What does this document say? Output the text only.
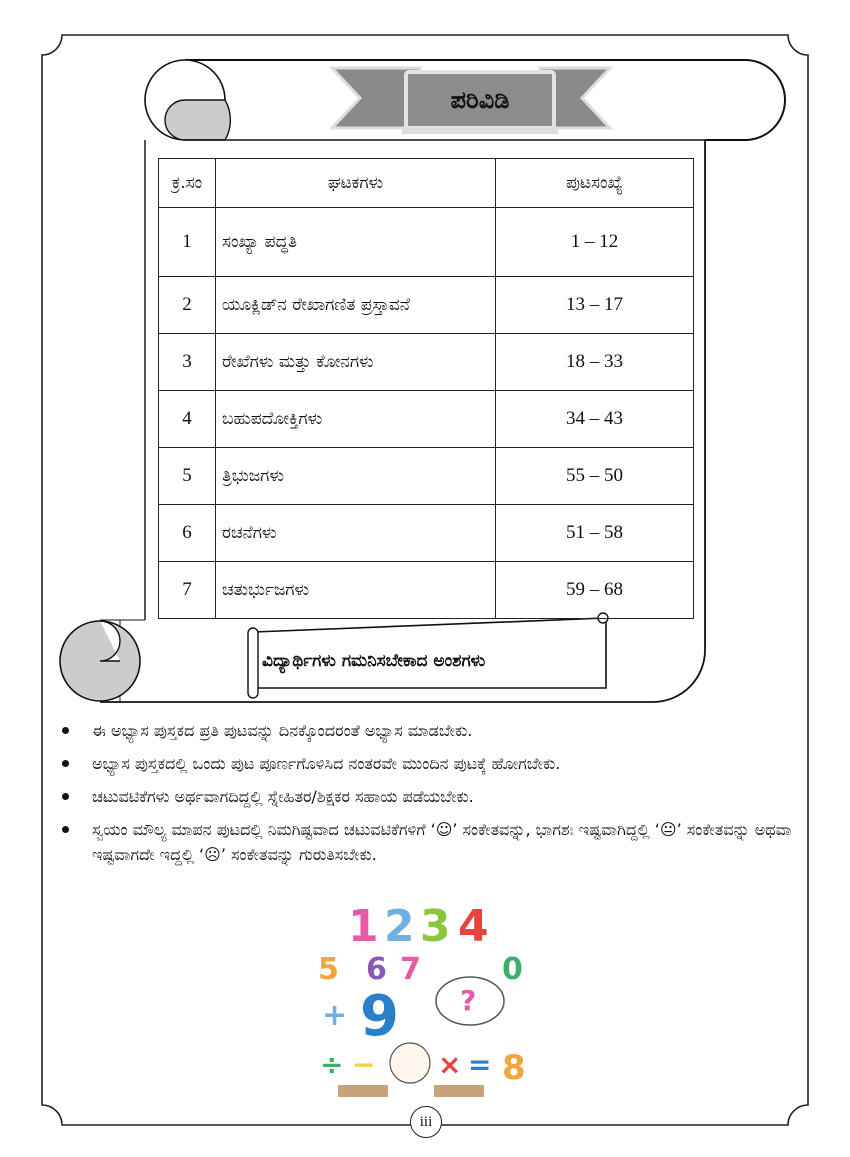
ಪರಿವಿಡಿ
ಕ್ರ.ಸಂ	ಘಟಕಗಳು	ಪುಟಸಂಖ್ಯೆ
1	ಸಂಖ್ಯಾ ಪದ್ಧತಿ	1 – 12
2	ಯೂಕ್ಲಿಡ್‌ನ ರೇಖಾಗಣಿತ ಪ್ರಸ್ತಾವನೆ	13 – 17
3	ರೇಖೆಗಳು ಮತ್ತು ಕೋನಗಳು	18 – 33
4	ಬಹುಪದೋಕ್ತಿಗಳು	34 – 43
5	ತ್ರಿಭುಜಗಳು	55 – 50
6	ರಚನೆಗಳು	51 – 58
7	ಚತುರ್ಭುಜಗಳು	59 – 68
ವಿದ್ಯಾರ್ಥಿಗಳು ಗಮನಿಸಬೇಕಾದ ಅಂಶಗಳು
ಈ ಅಭ್ಯಾಸ ಪುಸ್ತಕದ ಪ್ರತಿ ಪುಟವನ್ನು ದಿನಕ್ಕೊಂದರಂತೆ ಅಭ್ಯಾಸ ಮಾಡಬೇಕು.
ಅಭ್ಯಾಸ ಪುಸ್ತಕದಲ್ಲಿ ಒಂದು ಪುಟ ಪೂರ್ಣಗೊಳಿಸಿದ ನಂತರವೇ ಮುಂದಿನ ಪುಟಕ್ಕೆ ಹೋಗಬೇಕು.
ಚಟುವಟಿಕೆಗಳು ಅರ್ಥವಾಗದಿದ್ದಲ್ಲಿ ಸ್ನೇಹಿತರ/ಶಿಕ್ಷಕರ ಸಹಾಯ ಪಡೆಯಬೇಕು.
ಸ್ವಯಂ ಮೌಲ್ಯ ಮಾಪನ ಪುಟದಲ್ಲಿ ನಿಮಗಿಷ್ಟವಾದ ಚಟುವಟಿಕೆಗಳಿಗೆ ‘☺’ ಸಂಕೇತವನ್ನು, ಭಾಗಶಃ ಇಷ್ಟವಾಗಿದ್ದಲ್ಲಿ ‘😐’ ಸಂಕೇತವನ್ನು ಅಥವಾ ಇಷ್ಟವಾಗದೇ ಇದ್ದಲ್ಲಿ ‘☹’ ಸಂಕೇತವನ್ನು ಗುರುತಿಸಬೇಕು.
1 2 3 4
5 6 7	0
9
+	?
÷ − × = 8
iii
